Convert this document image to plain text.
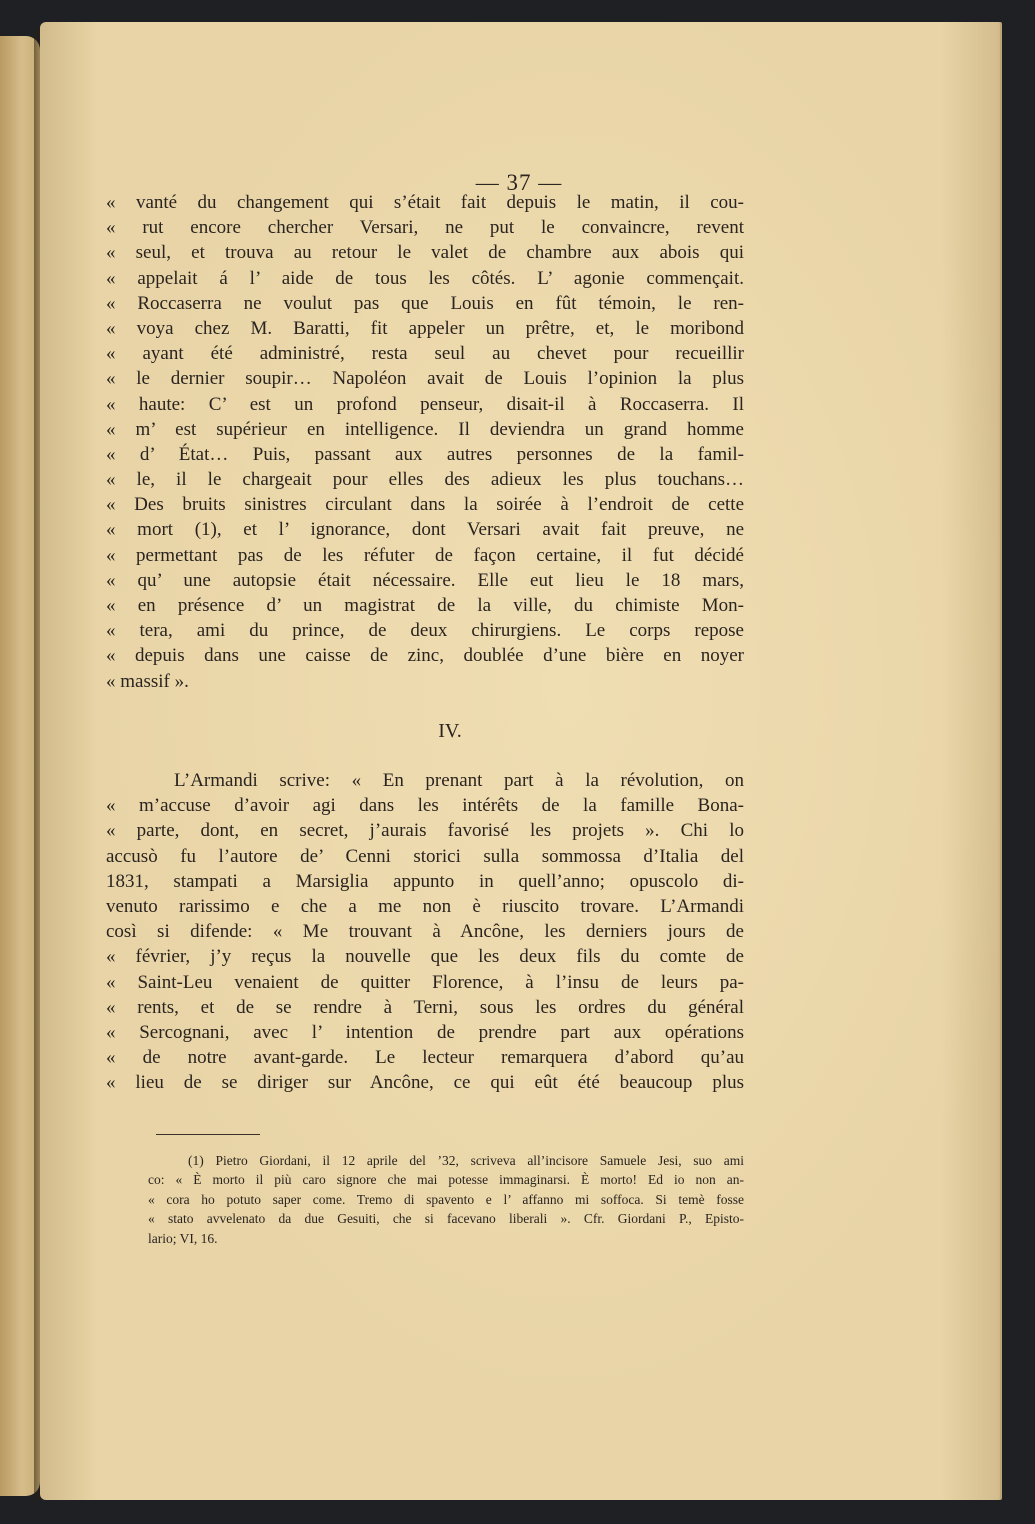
— 37 —
« vanté du changement qui s’était fait depuis le matin, il cou-
« rut encore chercher Versari, ne put le convaincre, revent
« seul, et trouva au retour le valet de chambre aux abois qui
« appelait á l’ aide de tous les côtés. L’ agonie commençait.
« Roccaserra ne voulut pas que Louis en fût témoin, le ren-
« voya chez M. Baratti, fit appeler un prêtre, et, le moribond
« ayant été administré, resta seul au chevet pour recueillir
« le dernier soupir… Napoléon avait de Louis l’opinion la plus
« haute: C’ est un profond penseur, disait-il à Roccaserra. Il
« m’ est supérieur en intelligence. Il deviendra un grand homme
« d’ État… Puis, passant aux autres personnes de la famil-
« le, il le chargeait pour elles des adieux les plus touchans…
« Des bruits sinistres circulant dans la soirée à l’endroit de cette
« mort (1), et l’ ignorance, dont Versari avait fait preuve, ne
« permettant pas de les réfuter de façon certaine, il fut décidé
« qu’ une autopsie était nécessaire. Elle eut lieu le 18 mars,
« en présence d’ un magistrat de la ville, du chimiste Mon-
« tera, ami du prince, de deux chirurgiens. Le corps repose
« depuis dans une caisse de zinc, doublée d’une bière en noyer
« massif ».
IV.
L’Armandi scrive: « En prenant part à la révolution, on
« m’accuse d’avoir agi dans les intérêts de la famille Bona-
« parte, dont, en secret, j’aurais favorisé les projets ». Chi lo
accusò fu l’autore de’ Cenni storici sulla sommossa d’Italia del
1831, stampati a Marsiglia appunto in quell’anno; opuscolo di-
venuto rarissimo e che a me non è riuscito trovare. L’Armandi
così si difende: « Me trouvant à Ancône, les derniers jours de
« février, j’y reçus la nouvelle que les deux fils du comte de
« Saint-Leu venaient de quitter Florence, à l’insu de leurs pa-
« rents, et de se rendre à Terni, sous les ordres du général
« Sercognani, avec l’ intention de prendre part aux opérations
« de notre avant-garde. Le lecteur remarquera d’abord qu’au
« lieu de se diriger sur Ancône, ce qui eût été beaucoup plus
(1) Pietro Giordani, il 12 aprile del ’32, scriveva all’incisore Samuele Jesi, suo ami
co: « È morto il più caro signore che mai potesse immaginarsi. È morto! Ed io non an-
« cora ho potuto saper come. Tremo di spavento e l’ affanno mi soffoca. Si temè fosse
« stato avvelenato da due Gesuiti, che si facevano liberali ». Cfr. Giordani P., Episto-
lario; VI, 16.
